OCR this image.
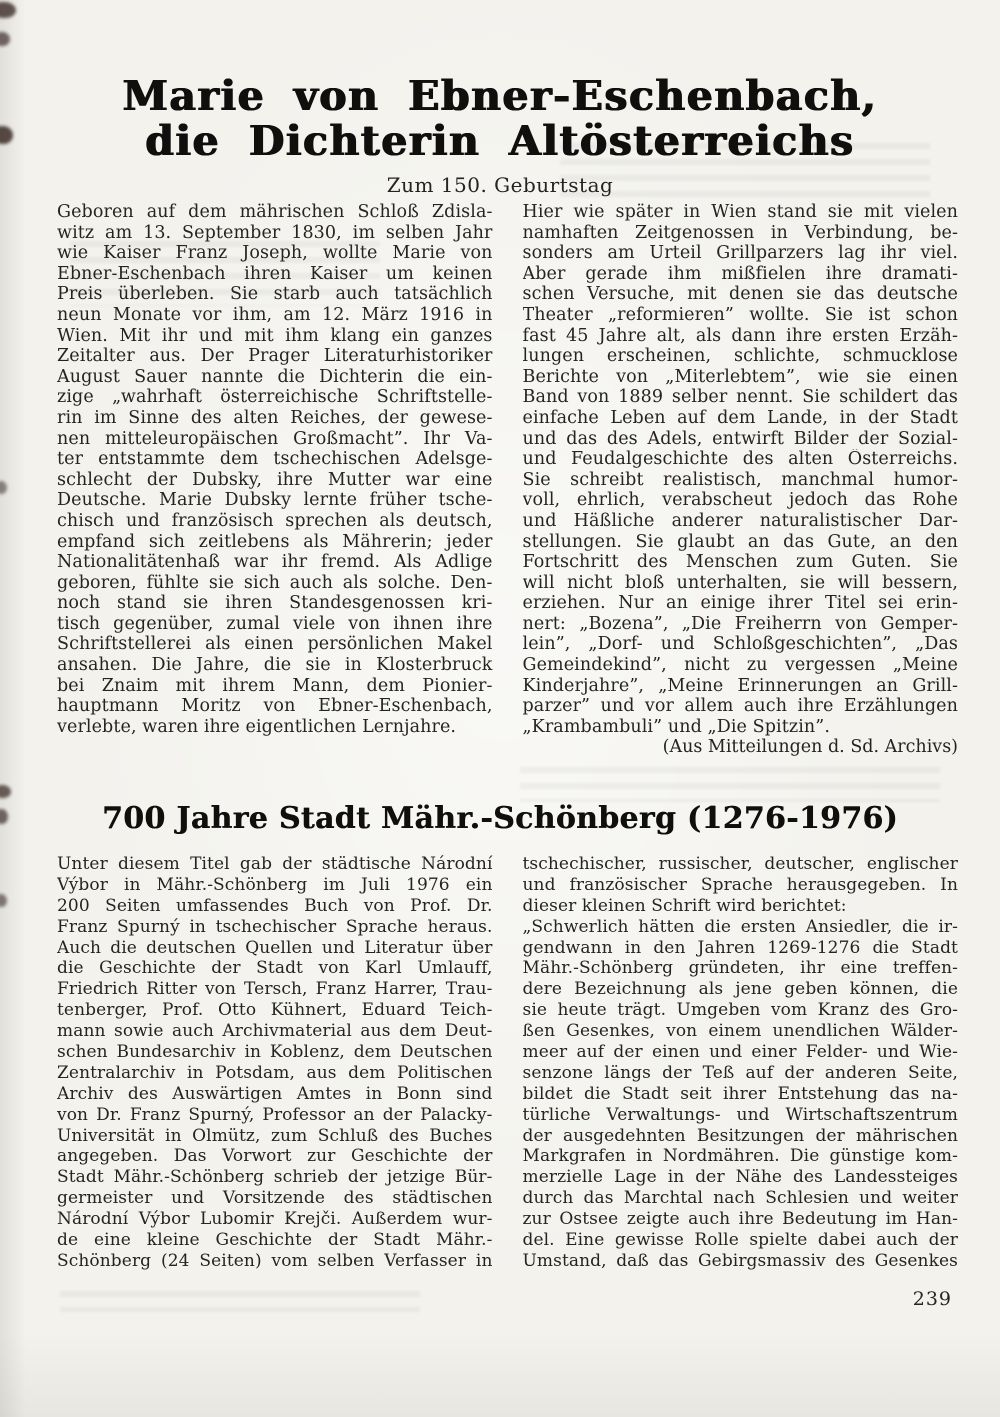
Marie von Ebner-Eschenbach,
die Dichterin Altösterreichs
Zum 150. Geburtstag
Geboren auf dem mährischen Schloß Zdisla-
witz am 13. September 1830, im selben Jahr
wie Kaiser Franz Joseph, wollte Marie von
Ebner-Eschenbach ihren Kaiser um keinen
Preis überleben. Sie starb auch tatsächlich
neun Monate vor ihm, am 12. März 1916 in
Wien. Mit ihr und mit ihm klang ein ganzes
Zeitalter aus. Der Prager Literaturhistoriker
August Sauer nannte die Dichterin die ein-
zige „wahrhaft österreichische Schriftstelle-
rin im Sinne des alten Reiches, der gewese-
nen mitteleuropäischen Großmacht”. Ihr Va-
ter entstammte dem tschechischen Adelsge-
schlecht der Dubsky, ihre Mutter war eine
Deutsche. Marie Dubsky lernte früher tsche-
chisch und französisch sprechen als deutsch,
empfand sich zeitlebens als Mährerin; jeder
Nationalitätenhaß war ihr fremd. Als Adlige
geboren, fühlte sie sich auch als solche. Den-
noch stand sie ihren Standesgenossen kri-
tisch gegenüber, zumal viele von ihnen ihre
Schriftstellerei als einen persönlichen Makel
ansahen. Die Jahre, die sie in Klosterbruck
bei Znaim mit ihrem Mann, dem Pionier-
hauptmann Moritz von Ebner-Eschenbach,
verlebte, waren ihre eigentlichen Lernjahre.
Hier wie später in Wien stand sie mit vielen
namhaften Zeitgenossen in Verbindung, be-
sonders am Urteil Grillparzers lag ihr viel.
Aber gerade ihm mißfielen ihre dramati-
schen Versuche, mit denen sie das deutsche
Theater „reformieren” wollte. Sie ist schon
fast 45 Jahre alt, als dann ihre ersten Erzäh-
lungen erscheinen, schlichte, schmucklose
Berichte von „Miterlebtem”, wie sie einen
Band von 1889 selber nennt. Sie schildert das
einfache Leben auf dem Lande, in der Stadt
und das des Adels, entwirft Bilder der Sozial-
und Feudalgeschichte des alten Österreichs.
Sie schreibt realistisch, manchmal humor-
voll, ehrlich, verabscheut jedoch das Rohe
und Häßliche anderer naturalistischer Dar-
stellungen. Sie glaubt an das Gute, an den
Fortschritt des Menschen zum Guten. Sie
will nicht bloß unterhalten, sie will bessern,
erziehen. Nur an einige ihrer Titel sei erin-
nert: „Bozena”, „Die Freiherrn von Gemper-
lein”, „Dorf- und Schloßgeschichten”, „Das
Gemeindekind”, nicht zu vergessen „Meine
Kinderjahre”, „Meine Erinnerungen an Grill-
parzer” und vor allem auch ihre Erzählungen
„Krambambuli” und „Die Spitzin”.
(Aus Mitteilungen d. Sd. Archivs)
700 Jahre Stadt Mähr.-Schönberg (1276-1976)
Unter diesem Titel gab der städtische Národní
Výbor in Mähr.-Schönberg im Juli 1976 ein
200 Seiten umfassendes Buch von Prof. Dr.
Franz Spurný in tschechischer Sprache heraus.
Auch die deutschen Quellen und Literatur über
die Geschichte der Stadt von Karl Umlauff,
Friedrich Ritter von Tersch, Franz Harrer, Trau-
tenberger, Prof. Otto Kühnert, Eduard Teich-
mann sowie auch Archivmaterial aus dem Deut-
schen Bundesarchiv in Koblenz, dem Deutschen
Zentralarchiv in Potsdam, aus dem Politischen
Archiv des Auswärtigen Amtes in Bonn sind
von Dr. Franz Spurný, Professor an der Palacky-
Universität in Olmütz, zum Schluß des Buches
angegeben. Das Vorwort zur Geschichte der
Stadt Mähr.-Schönberg schrieb der jetzige Bür-
germeister und Vorsitzende des städtischen
Národní Výbor Lubomir Krejči. Außerdem wur-
de eine kleine Geschichte der Stadt Mähr.-
Schönberg (24 Seiten) vom selben Verfasser in
tschechischer, russischer, deutscher, englischer
und französischer Sprache herausgegeben. In
dieser kleinen Schrift wird berichtet:
„Schwerlich hätten die ersten Ansiedler, die ir-
gendwann in den Jahren 1269-1276 die Stadt
Mähr.-Schönberg gründeten, ihr eine treffen-
dere Bezeichnung als jene geben können, die
sie heute trägt. Umgeben vom Kranz des Gro-
ßen Gesenkes, von einem unendlichen Wälder-
meer auf der einen und einer Felder- und Wie-
senzone längs der Teß auf der anderen Seite,
bildet die Stadt seit ihrer Entstehung das na-
türliche Verwaltungs- und Wirtschaftszentrum
der ausgedehnten Besitzungen der mährischen
Markgrafen in Nordmähren. Die günstige kom-
merzielle Lage in der Nähe des Landessteiges
durch das Marchtal nach Schlesien und weiter
zur Ostsee zeigte auch ihre Bedeutung im Han-
del. Eine gewisse Rolle spielte dabei auch der
Umstand, daß das Gebirgsmassiv des Gesenkes
239
